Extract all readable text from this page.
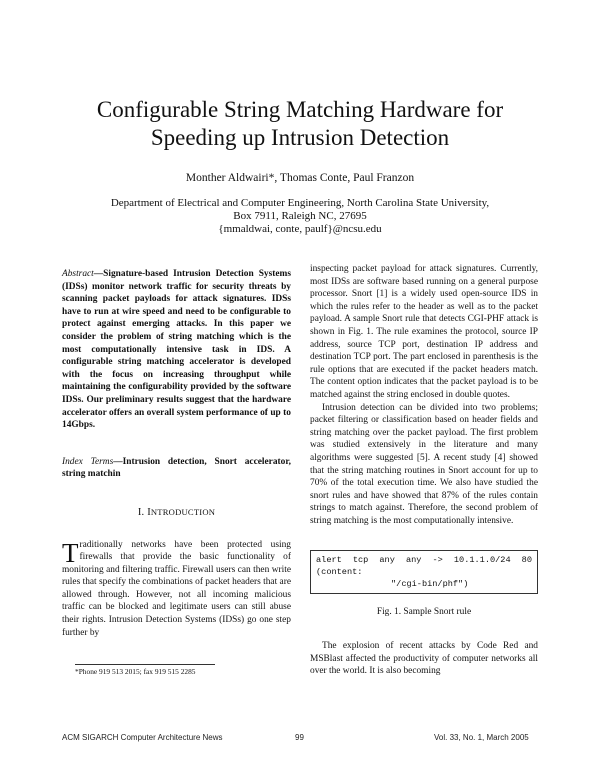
Configurable String Matching Hardware for
Speeding up Intrusion Detection
Monther Aldwairi*, Thomas Conte, Paul Franzon
Department of Electrical and Computer Engineering, North Carolina State University,
Box 7911, Raleigh NC, 27695
{mmaldwai, conte, paulf}@ncsu.edu

Abstract—Signature-based Intrusion Detection Systems (IDSs) monitor network traffic for security threats by scanning packet payloads for attack signatures. IDSs have to run at wire speed and need to be configurable to protect against emerging attacks. In this paper we consider the problem of string matching which is the most computationally intensive task in IDS. A configurable string matching accelerator is developed with the focus on increasing throughput while maintaining the configurability provided by the software IDSs. Our preliminary results suggest that the hardware accelerator offers an overall system performance of up to 14Gbps.

Index Terms—Intrusion detection, Snort accelerator, string matchin

I. INTRODUCTION

Traditionally networks have been protected using firewalls that provide the basic functionality of monitoring and filtering traffic. Firewall users can then write rules that specify the combinations of packet headers that are allowed through. However, not all incoming malicious traffic can be blocked and legitimate users can still abuse their rights. Intrusion Detection Systems (IDSs) go one step further by

*Phone 919 513 2015; fax 919 515 2285

inspecting packet payload for attack signatures. Currently, most IDSs are software based running on a general purpose processor. Snort [1] is a widely used open-source IDS in which the rules refer to the header as well as to the packet payload. A sample Snort rule that detects CGI-PHF attack is shown in Fig. 1. The rule examines the protocol, source IP address, source TCP port, destination IP address and destination TCP port. The part enclosed in parenthesis is the rule options that are executed if the packet headers match. The content option indicates that the packet payload is to be matched against the string enclosed in double quotes.

Intrusion detection can be divided into two problems; packet filtering or classification based on header fields and string matching over the packet payload. The first problem was studied extensively in the literature and many algorithms were suggested [5]. A recent study [4] showed that the string matching routines in Snort account for up to 70% of the total execution time. We also have studied the snort rules and have showed that 87% of the rules contain strings to match against. Therefore, the second problem of string matching is the most computationally intensive.

alert tcp any any -> 10.1.1.0/24 80 (content:
"/cgi-bin/phf")
Fig. 1. Sample Snort rule

The explosion of recent attacks by Code Red and MSBlast affected the productivity of computer networks all over the world. It is also becoming

ACM SIGARCH Computer Architecture News	99	Vol. 33, No. 1, March 2005
